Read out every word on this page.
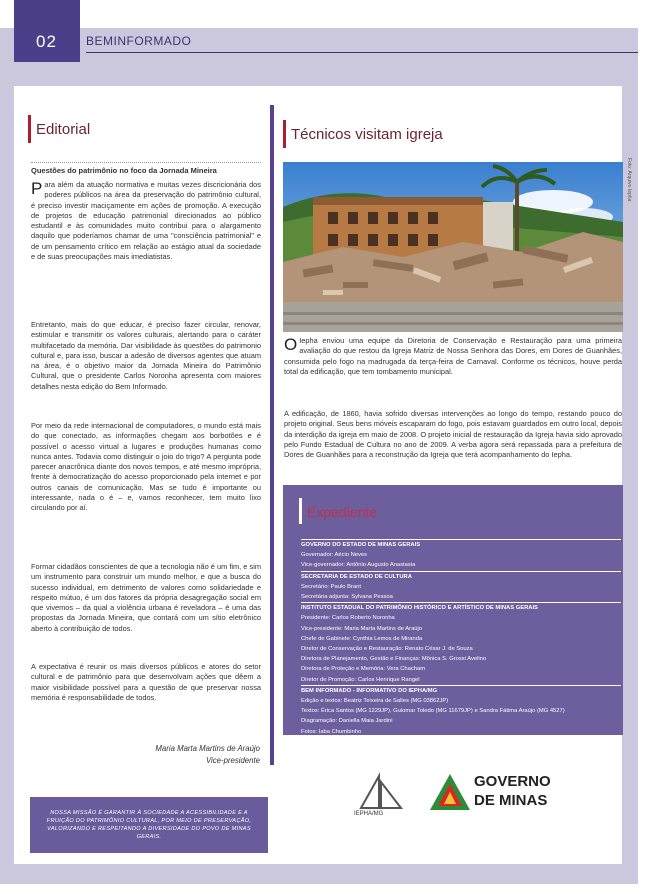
02 BEMINFORMADO
Editorial
Questões do patrimônio no foco da Jornada Mineira
Para além da atuação normativa e muitas vezes discricionária dos poderes públicos na área da preservação do patrimônio cultural, é preciso investir maciçamente em ações de promoção. A execução de projetos de educação patrimonial direcionados ao público estudantil e às comunidades muito contribui para o alargamento daquilo que poderíamos chamar de uma "consciência patrimonial" e de um pensamento crítico em relação ao estágio atual da sociedade e de suas preocupações mais imediatistas.
Entretanto, mais do que educar, é preciso fazer circular, renovar, estimular e transmitir os valores culturais, alertando para o caráter multifacetado da memória. Dar visibilidade às questões do patrimonio cultural e, para isso, buscar a adesão de diversos agentes que atuam na área, é o objetivo maior da Jornada Mineira do Patrimônio Cultural, que o presidente Carlos Noronha apresenta com maiores detalhes nesta edição do Bem Informado.
Por meio da rede internacional de computadores, o mundo está mais do que conectado, as informações chegam aos borbotões e é possível o acesso virtual a lugares e produções humanas como nunca antes. Todavia como distinguir o joio do trigo? A pergunta pode parecer anacrônica diante dos novos tempos, e até mesmo imprópria, frente à democratização do acesso proporcionado pela internet e por outros canais de comunicação. Mas se tudo é importante ou interessante, nada o é – e, vamos reconhecer, tem muito lixo circulando por aí.
Formar cidadãos conscientes de que a tecnologia não é um fim, e sim um instrumento para construir um mundo melhor, e que a busca do sucesso individual, em detrimento de valores como solidariedade e respeito mútuo, é um dos fatores da própria desagregação social em que vivemos – da qual a violência urbana é reveladora – é uma das propostas da Jornada Mineira, que contará com um sítio eletrônico aberto à contribuição de todos.
A expectativa é reunir os mais diversos públicos e atores do setor cultural e de patrimônio para que desenvolvam ações que dêem a maior visibilidade possível para a questão de que preservar nossa memória é responsabilidade de todos.
Maria Marta Martins de Araújo
Vice-presidente
NOSSA MISSÃO É GARANTIR À SOCIEDADE A ACESSIBILIDADE E A FRUIÇÃO DO PATRIMÔNIO CULTURAL, POR MEIO DE PRESERVAÇÃO, VALORIZANDO E RESPEITANDO A DIVERSIDADE DO POVO DE MINAS GERAIS.
Técnicos visitam igreja
Foto: Arquivo Iepha
O Iepha enviou uma equipe da Diretoria de Conservação e Restauração para uma primeira avaliação do que restou da Igreja Matriz de Nossa Senhora das Dores, em Dores de Guanhães, consumida pelo fogo na madrugada da terça-feira de Carnaval. Conforme os técnicos, houve perda total da edificação, que tem tombamento municipal.
A edificação, de 1860, havia sofrido diversas intervenções ao longo do tempo, restando pouco do projeto original. Seus bens móveis escaparam do fogo, pois estavam guardados em outro local, depois da interdição da igreja em maio de 2008. O projeto inicial de restauração da Igreja havia sido aprovado pelo Fundo Estadual de Cultura no ano de 2009. A verba agora será repassada para a prefeitura de Dores de Guanhães para a reconstrução da Igreja que terá acompanhamento do Iepha.
Expediente
GOVERNO DO ESTADO DE MINAS GERAIS
Governador: Aécio Neves
Vice-governador: Antônio Augusto Anastasia
SECRETARIA DE ESTADO DE CULTURA
Secretário: Paulo Brant
Secretária adjunta: Sylvana Pessoa
INSTITUTO ESTADUAL DO PATRIMÔNIO HISTÓRICO E ARTÍSTICO DE MINAS GERAIS
Presidente: Carlos Roberto Noronha
Vice-presidente: Maria Marta Martins de Araújo
Chefe de Gabinete: Cynthia Lemos de Miranda
Diretor de Conservação e Restauração: Renato César J. de Souza
Diretora de Planejamento, Gestão e Finanças: Mônica S. Grossi Avelino
Diretora de Proteção e Memória: Vera Chacham
Diretor de Promoção: Carlos Henrique Rangel
BEM INFORMADO - INFORMATIVO DO IEPHA/MG
Edição e textos: Beatriz Teixeira de Salles (MG 03862JP)
Textos: Érica Santos (MG 1229JP), Guiomar Toledo (MG 11679JP) e Sandra Fátima Araújo (MG 4527)
Diagramação: Daniella Maia Jardini
Fotos: Iaba Chumbinho
Impressão em papel Reciclato 90g/m² - Tiragem: 2.500 exemplares - Periodicidade: mensal
IEPHA/MG
GOVERNO
DE MINAS
Praça da Liberdade, s/nº - 1º andar · CEP: 30140-010 Belo Horizonte - MG
Tel: 31 3235.2800 | Fax: 31 3235.2808 | www.iepha.mg.gov.br
Envie sua sugestão para: jornal@iepha.mg.gov.br
